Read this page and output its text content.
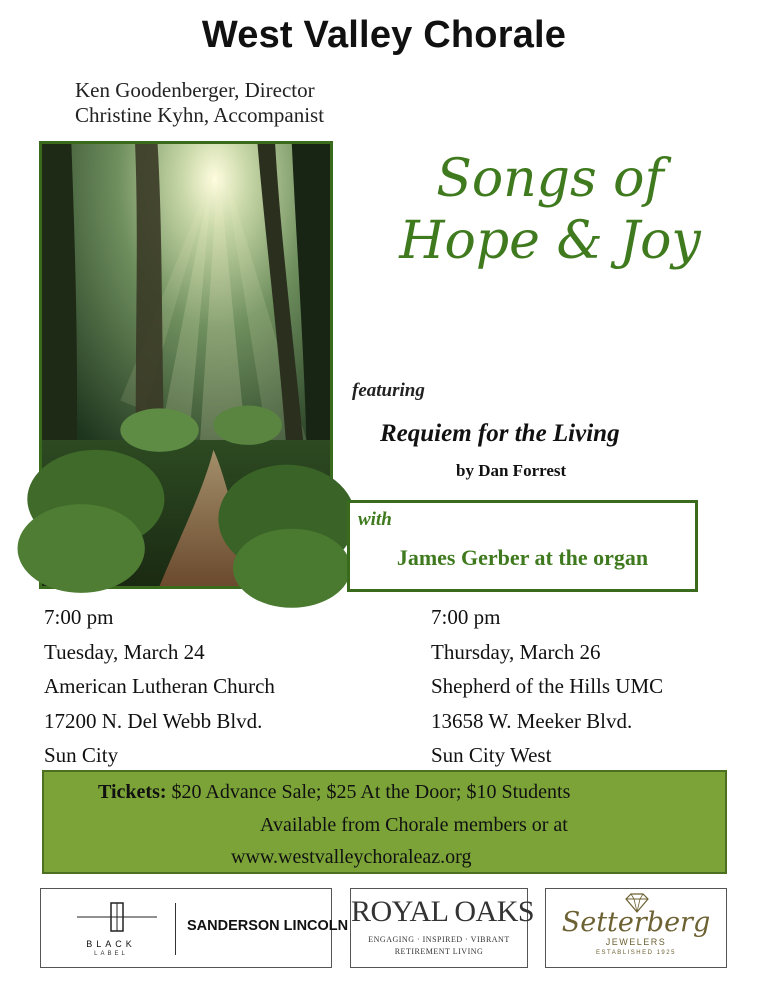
West Valley Chorale
Ken Goodenberger, Director
Christine Kyhn, Accompanist
Songs of
Hope & Joy
featuring
Requiem for the Living
by Dan Forrest
with
James Gerber at the organ
7:00 pm
Tuesday, March 24
American Lutheran Church
17200 N. Del Webb Blvd.
Sun City
7:00 pm
Thursday, March 26
Shepherd of the Hills UMC
13658 W. Meeker Blvd.
Sun City West
Tickets: $20 Advance Sale; $25 At the Door; $10 Students
Available from Chorale members or at
www.westvalleychoraleaz.org
BLACK
LABEL
SANDERSON LINCOLN ROYAL OAKS
ENGAGING · INSPIRED · VIBRANT
RETIREMENT LIVING
Setterberg
JEWELERS
ESTABLISHED 1925
